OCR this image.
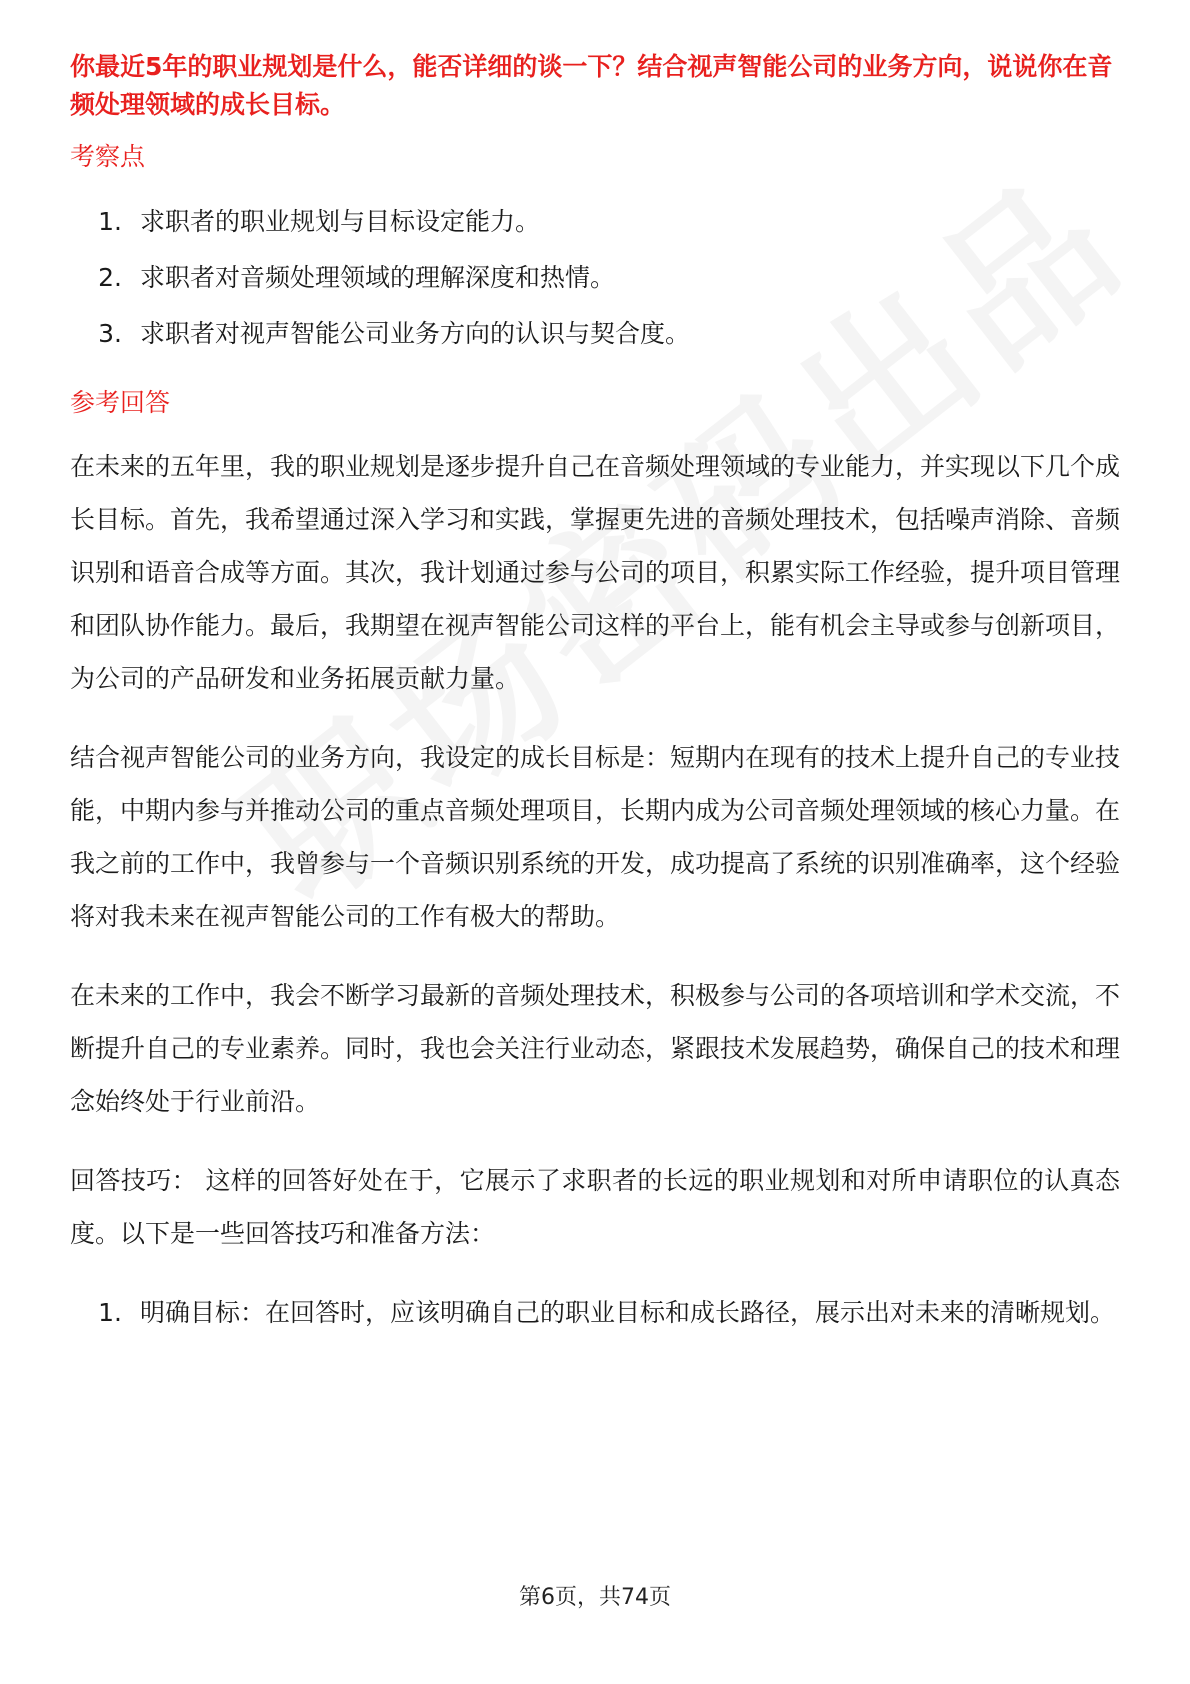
你最近5年的职业规划是什么，能否详细的谈一下？结合视声智能公司的业务方向，说说你在音频处理领域的成长目标。
考察点
1. 求职者的职业规划与目标设定能力。
2. 求职者对音频处理领域的理解深度和热情。
3. 求职者对视声智能公司业务方向的认识与契合度。
参考回答

在未来的五年里，我的职业规划是逐步提升自己在音频处理领域的专业能力，并实现以下几个成长目标。首先，我希望通过深入学习和实践，掌握更先进的音频处理技术，包括噪声消除、音频识别和语音合成等方面。其次，我计划通过参与公司的项目，积累实际工作经验，提升项目管理和团队协作能力。最后，我期望在视声智能公司这样的平台上，能有机会主导或参与创新项目，为公司的产品研发和业务拓展贡献力量。

结合视声智能公司的业务方向，我设定的成长目标是：短期内在现有的技术上提升自己的专业技能，中期内参与并推动公司的重点音频处理项目，长期内成为公司音频处理领域的核心力量。在我之前的工作中，我曾参与一个音频识别系统的开发，成功提高了系统的识别准确率，这个经验将对我未来在视声智能公司的工作有极大的帮助。

在未来的工作中，我会不断学习最新的音频处理技术，积极参与公司的各项培训和学术交流，不断提升自己的专业素养。同时，我也会关注行业动态，紧跟技术发展趋势，确保自己的技术和理念始终处于行业前沿。

回答技巧： 这样的回答好处在于，它展示了求职者的长远的职业规划和对所申请职位的认真态度。以下是一些回答技巧和准备方法：

1. 明确目标：在回答时，应该明确自己的职业目标和成长路径，展示出对未来的清晰规划。
第6页，共74页
